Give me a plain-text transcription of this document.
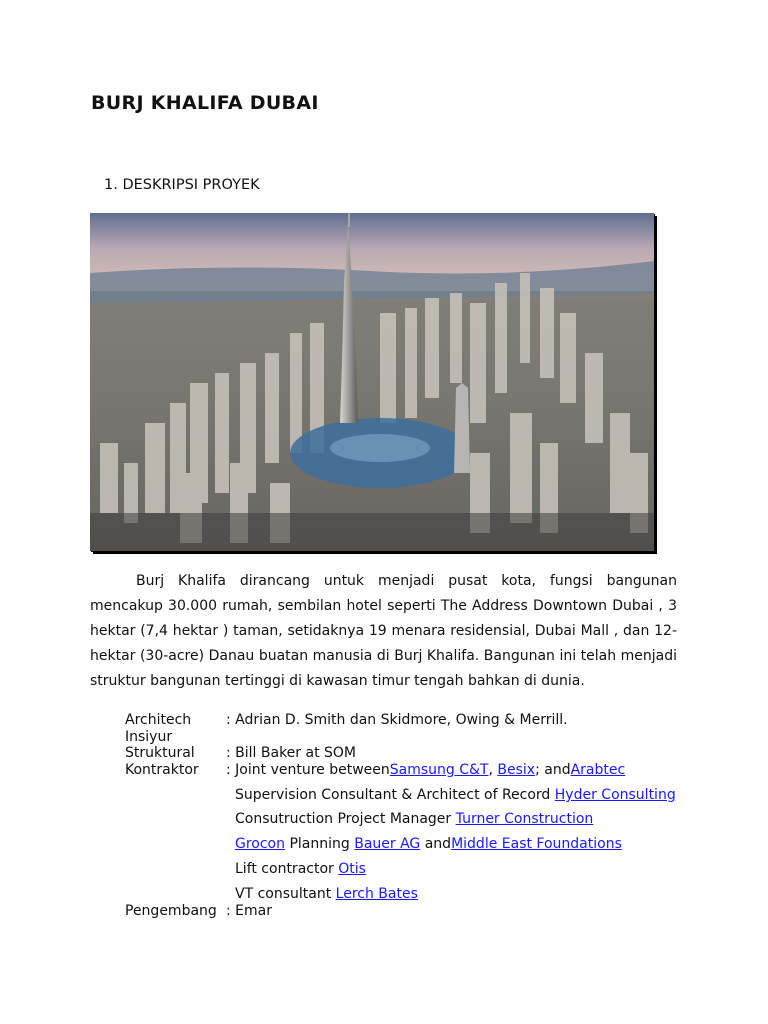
BURJ KHALIFA DUBAI
1. DESKRIPSI PROYEK

Burj Khalifa dirancang untuk menjadi pusat kota, fungsi bangunan mencakup 30.000 rumah, sembilan hotel seperti The Address Downtown Dubai , 3 hektar (7,4 hektar ) taman, setidaknya 19 menara residensial, Dubai Mall , dan 12-hektar (30-acre) Danau buatan manusia di Burj Khalifa. Bangunan ini telah menjadi struktur bangunan tertinggi di kawasan timur tengah bahkan di dunia.

Architech : Adrian D. Smith dan Skidmore, Owing & Merrill.
Insiyur
Struktural : Bill Baker at SOM
Kontraktor : Joint venture betweenSamsung C&T, Besix; andArabtec
Supervision Consultant & Architect of Record Hyder Consulting
Consutruction Project Manager Turner Construction
Grocon Planning Bauer AG andMiddle East Foundations
Lift contractor Otis
VT consultant Lerch Bates
Pengembang : Emar
